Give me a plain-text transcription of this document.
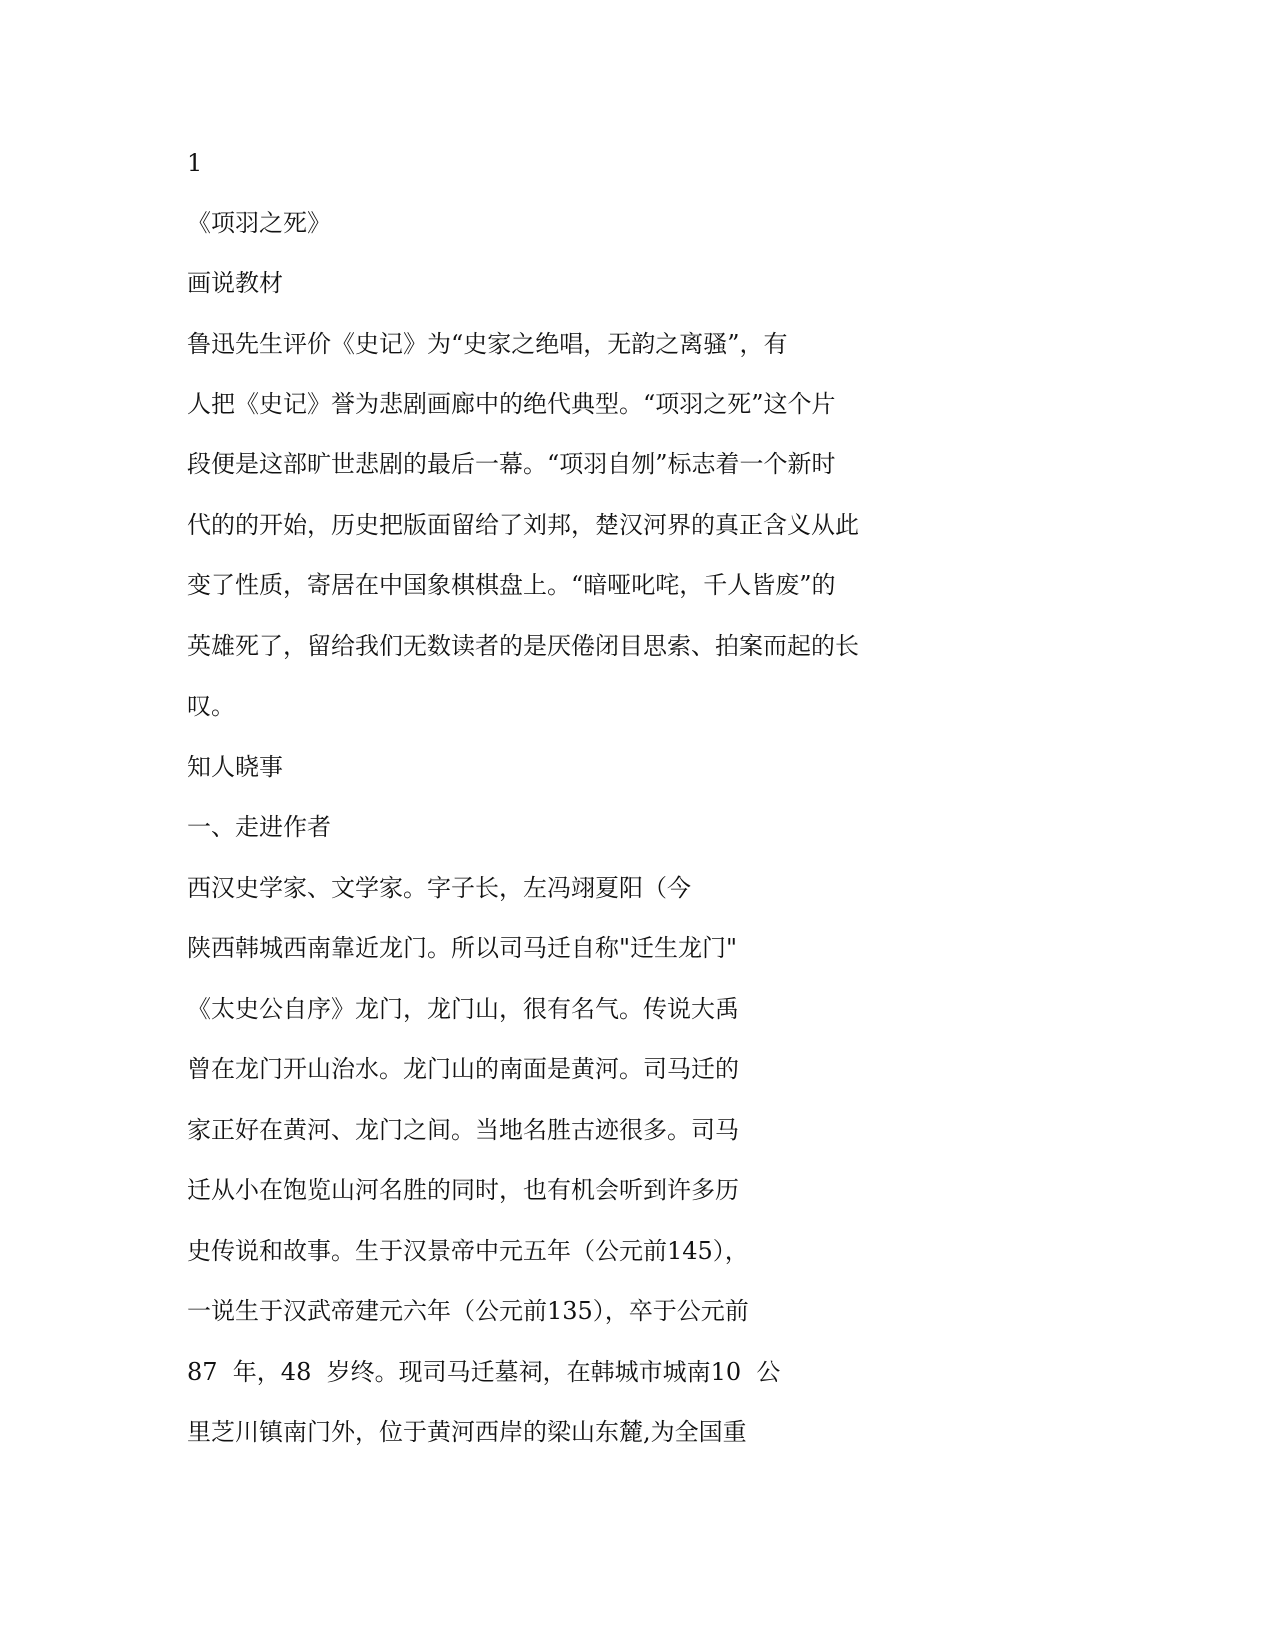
1
《项羽之死》
画说教材
鲁迅先生评价《史记》为“史家之绝唱，无韵之离骚”，有
人把《史记》誉为悲剧画廊中的绝代典型。“项羽之死”这个片
段便是这部旷世悲剧的最后一幕。“项羽自刎”标志着一个新时
代的的开始，历史把版面留给了刘邦，楚汉河界的真正含义从此
变了性质，寄居在中国象棋棋盘上。“暗哑叱咤，千人皆废”的
英雄死了，留给我们无数读者的是厌倦闭目思索、拍案而起的长
叹。
知人晓事
一、走进作者
西汉史学家、文学家。字子长，左冯翊夏阳（今
陕西韩城西南靠近龙门。所以司马迁自称"迁生龙门"
《太史公自序》龙门，龙门山，很有名气。传说大禹
曾在龙门开山治水。龙门山的南面是黄河。司马迁的
家正好在黄河、龙门之间。当地名胜古迹很多。司马
迁从小在饱览山河名胜的同时，也有机会听到许多历
史传说和故事。生于汉景帝中元五年（公元前145），
一说生于汉武帝建元六年（公元前135），卒于公元前
87  年，48  岁终。现司马迁墓祠，在韩城市城南10  公
里芝川镇南门外，位于黄河西岸的梁山东麓,为全国重
